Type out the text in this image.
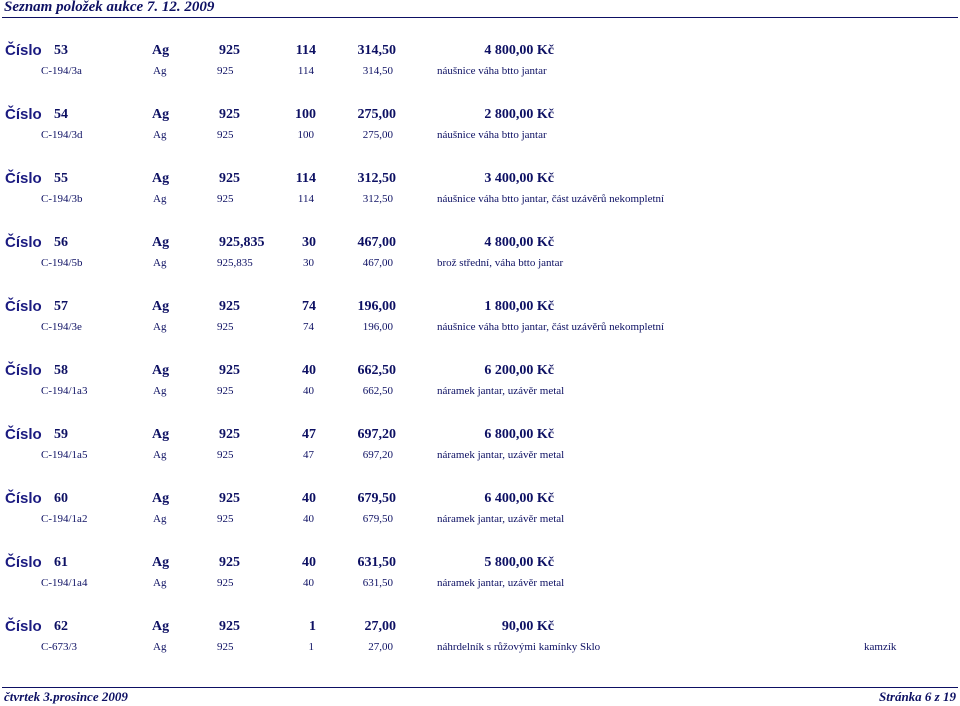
Seznam položek aukce 7. 12. 2009
Číslo 53	Ag	925	114	314,50	4 800,00 Kč
C-194/3a	Ag	925	114	314,50	náušnice váha btto jantar
Číslo 54	Ag	925	100	275,00	2 800,00 Kč
C-194/3d	Ag	925	100	275,00	náušnice váha btto jantar
Číslo 55	Ag	925	114	312,50	3 400,00 Kč
C-194/3b	Ag	925	114	312,50	náušnice váha btto jantar, část uzávěrů nekompletní
Číslo 56	Ag	925,835	30	467,00	4 800,00 Kč
C-194/5b	Ag	925,835	30	467,00	brož střední, váha btto jantar
Číslo 57	Ag	925	74	196,00	1 800,00 Kč
C-194/3e	Ag	925	74	196,00	náušnice váha btto jantar, část uzávěrů nekompletní
Číslo 58	Ag	925	40	662,50	6 200,00 Kč
C-194/1a3	Ag	925	40	662,50	náramek jantar, uzávěr metal
Číslo 59	Ag	925	47	697,20	6 800,00 Kč
C-194/1a5	Ag	925	47	697,20	náramek jantar, uzávěr metal
Číslo 60	Ag	925	40	679,50	6 400,00 Kč
C-194/1a2	Ag	925	40	679,50	náramek jantar, uzávěr metal
Číslo 61	Ag	925	40	631,50	5 800,00 Kč
C-194/1a4	Ag	925	40	631,50	náramek jantar, uzávěr metal
Číslo 62	Ag	925	1	27,00	90,00 Kč
C-673/3	Ag	925	1	27,00	náhrdelník s růžovými kamínky Sklo	kamzík
čtvrtek 3.prosince 2009	Stránka 6 z 19
